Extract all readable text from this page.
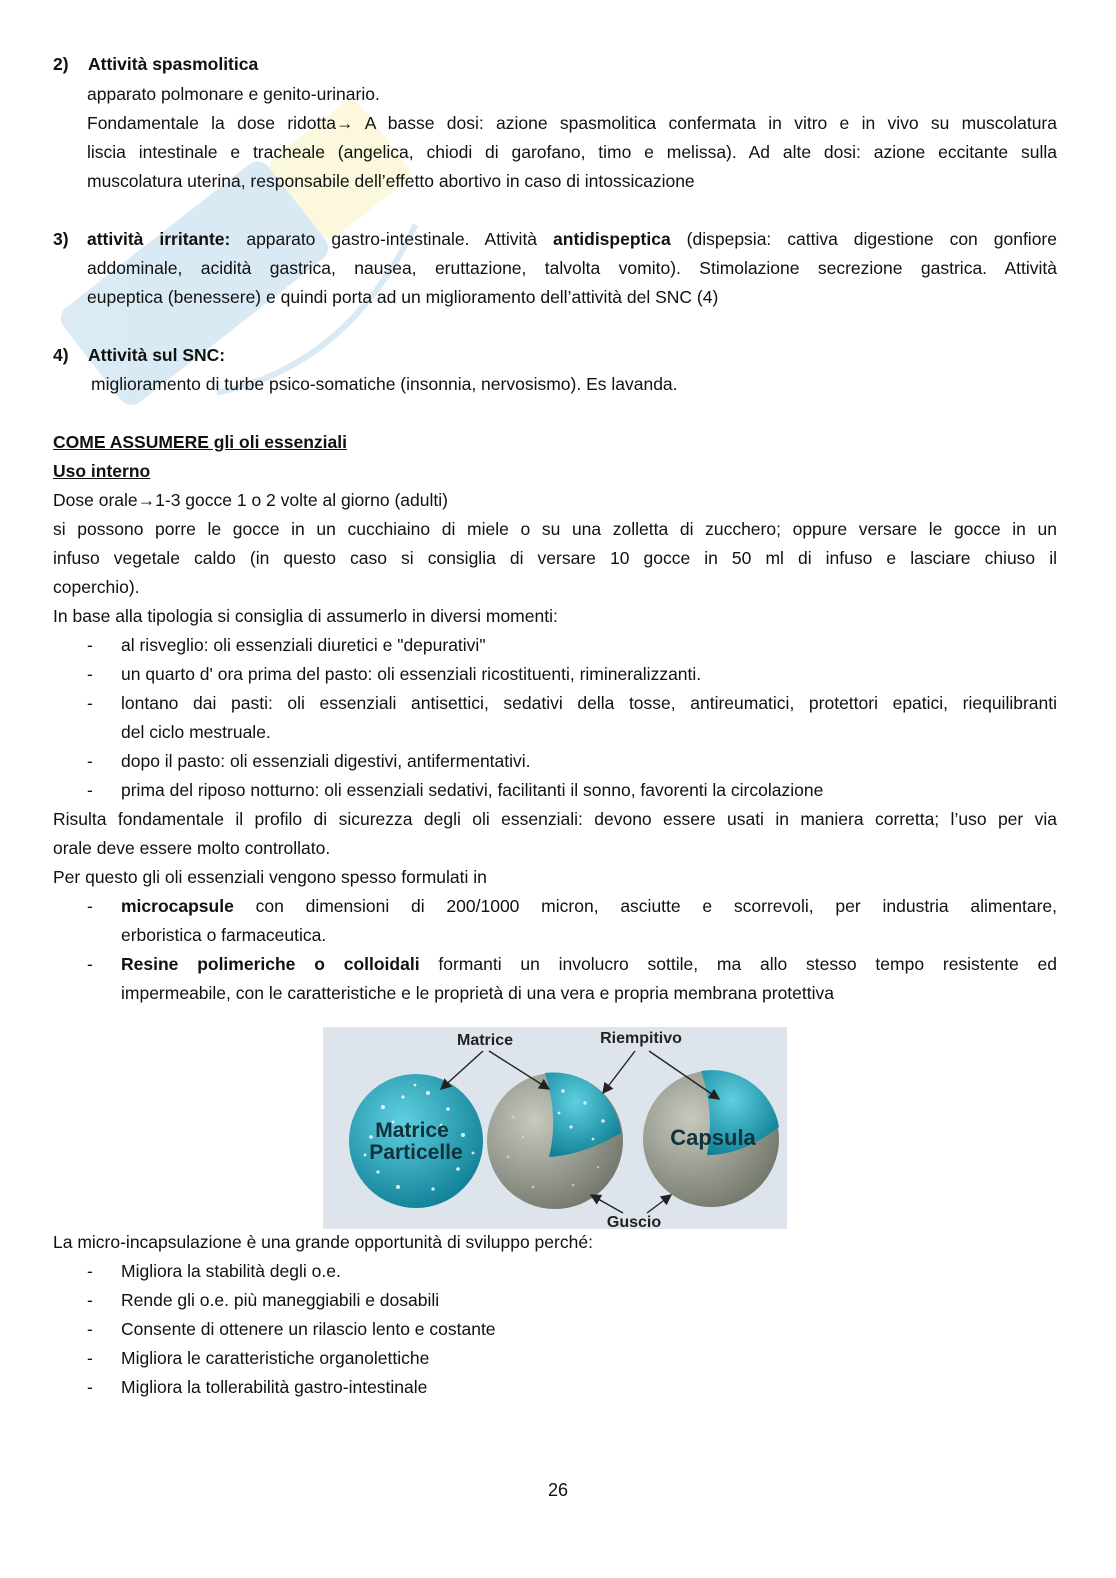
2) Attività spasmolitica
apparato polmonare e genito-urinario.
Fondamentale la dose ridotta→ A basse dosi: azione spasmolitica confermata in vitro e in vivo su muscolatura
liscia intestinale e tracheale (angelica, chiodi di garofano, timo e melissa). Ad alte dosi: azione eccitante sulla
muscolatura uterina, responsabile dell’effetto abortivo in caso di intossicazione
3)	attività irritante: apparato gastro-intestinale. Attività antidispeptica (dispepsia: cattiva digestione con gonfiore
addominale, acidità gastrica, nausea, eruttazione, talvolta vomito). Stimolazione secrezione gastrica. Attività
eupeptica (benessere) e quindi porta ad un miglioramento dell’attività del SNC (4)
4) Attività sul SNC:
miglioramento di turbe psico-somatiche (insonnia, nervosismo). Es lavanda.
COME ASSUMERE gli oli essenziali
Uso interno
Dose orale→1-3 gocce 1 o 2 volte al giorno (adulti)
si possono porre le gocce in un cucchiaino di miele o su una zolletta di zucchero; oppure versare le gocce in un
infuso vegetale caldo (in questo caso si consiglia di versare 10 gocce in 50 ml di infuso e lasciare chiuso il
coperchio).
In base alla tipologia si consiglia di assumerlo in diversi momenti:
- al risveglio: oli essenziali diuretici e "depurativi"
- un quarto d' ora prima del pasto: oli essenziali ricostituenti, rimineralizzanti.
- lontano dai pasti: oli essenziali antisettici, sedativi della tosse, antireumatici, protettori epatici, riequilibranti
del ciclo mestruale.
- dopo il pasto: oli essenziali digestivi, antifermentativi.
- prima del riposo notturno: oli essenziali sedativi, facilitanti il sonno, favorenti la circolazione
Risulta fondamentale il profilo di sicurezza degli oli essenziali: devono essere usati in maniera corretta; l’uso per via
orale deve essere molto controllato.
Per questo gli oli essenziali vengono spesso formulati in
- microcapsule con dimensioni di 200/1000 micron, asciutte e scorrevoli, per industria alimentare,
erboristica o farmaceutica.
- Resine polimeriche o colloidali formanti un involucro sottile, ma allo stesso tempo resistente ed
impermeabile, con le caratteristiche e le proprietà di una vera e propria membrana protettiva
Matrice
Particelle
Capsula
Matrice	Riempitivo
Guscio
La micro-incapsulazione è una grande opportunità di sviluppo perché:
- Migliora la stabilità degli o.e.
- Rende gli o.e. più maneggiabili e dosabili
- Consente di ottenere un rilascio lento e costante
- Migliora le caratteristiche organolettiche
- Migliora la tollerabilità gastro-intestinale
26
